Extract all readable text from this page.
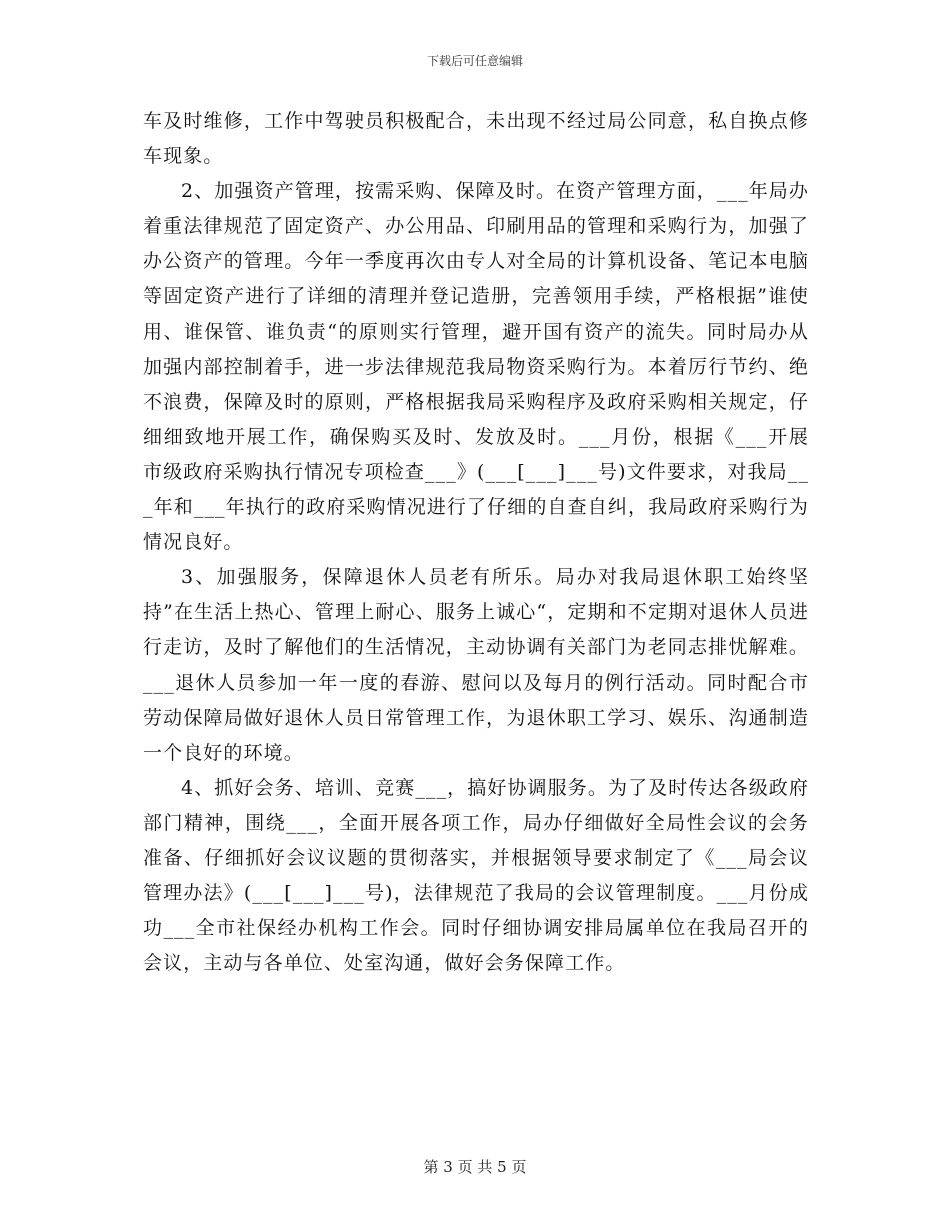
下载后可任意编辑

车及时维修，工作中驾驶员积极配合，未出现不经过局公同意，私自换点修车现象。

2、加强资产管理，按需采购、保障及时。在资产管理方面，___年局办着重法律规范了固定资产、办公用品、印刷用品的管理和采购行为，加强了办公资产的管理。今年一季度再次由专人对全局的计算机设备、笔记本电脑等固定资产进行了详细的清理并登记造册，完善领用手续，严格根据”谁使用、谁保管、谁负责“的原则实行管理，避开国有资产的流失。同时局办从加强内部控制着手，进一步法律规范我局物资采购行为。本着厉行节约、绝不浪费，保障及时的原则，严格根据我局采购程序及政府采购相关规定，仔细细致地开展工作，确保购买及时、发放及时。___月份，根据《___开展市级政府采购执行情况专项检查___》(___[___]___号)文件要求，对我局___年和___年执行的政府采购情况进行了仔细的自查自纠，我局政府采购行为情况良好。

3、加强服务，保障退休人员老有所乐。局办对我局退休职工始终坚持”在生活上热心、管理上耐心、服务上诚心“，定期和不定期对退休人员进行走访，及时了解他们的生活情况，主动协调有关部门为老同志排忧解难。___退休人员参加一年一度的春游、慰问以及每月的例行活动。同时配合市劳动保障局做好退休人员日常管理工作，为退休职工学习、娱乐、沟通制造一个良好的环境。

4、抓好会务、培训、竞赛___，搞好协调服务。为了及时传达各级政府部门精神，围绕___，全面开展各项工作，局办仔细做好全局性会议的会务准备、仔细抓好会议议题的贯彻落实，并根据领导要求制定了《___局会议管理办法》(___[___]___号)，法律规范了我局的会议管理制度。___月份成功___全市社保经办机构工作会。同时仔细协调安排局属单位在我局召开的会议，主动与各单位、处室沟通，做好会务保障工作。

第 3 页 共 5 页
